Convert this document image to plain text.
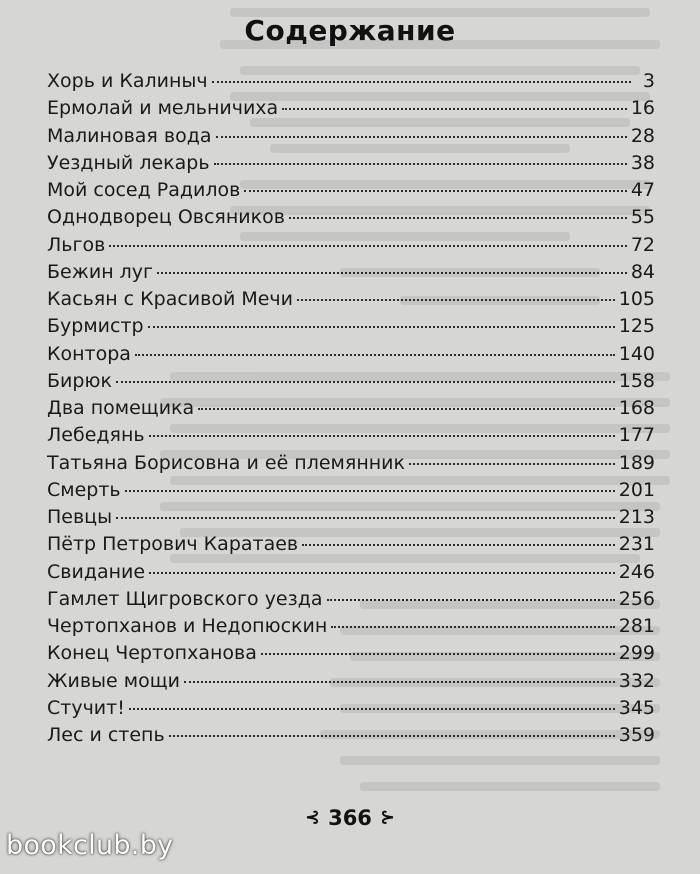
Содержание
Хорь и Калиныч	3
Ермолай и мельничиха	16
Малиновая вода	28
Уездный лекарь	38
Мой сосед Радилов	47
Однодворец Овсяников	55
Льгов	72
Бежин луг	84
Касьян с Красивой Мечи	105
Бурмистр	125
Контора	140
Бирюк	158
Два помещика	168
Лебедянь	177
Татьяна Борисовна и её племянник	189
Смерть	201
Певцы	213
Пётр Петрович Каратаев	231
Свидание	246
Гамлет Щигровского уезда	256
Чертопханов и Недопюскин	281
Конец Чертопханова	299
Живые мощи	332
Стучит!	345
Лес и степь	359
⊰ 366 ⊱
bookclub.by
